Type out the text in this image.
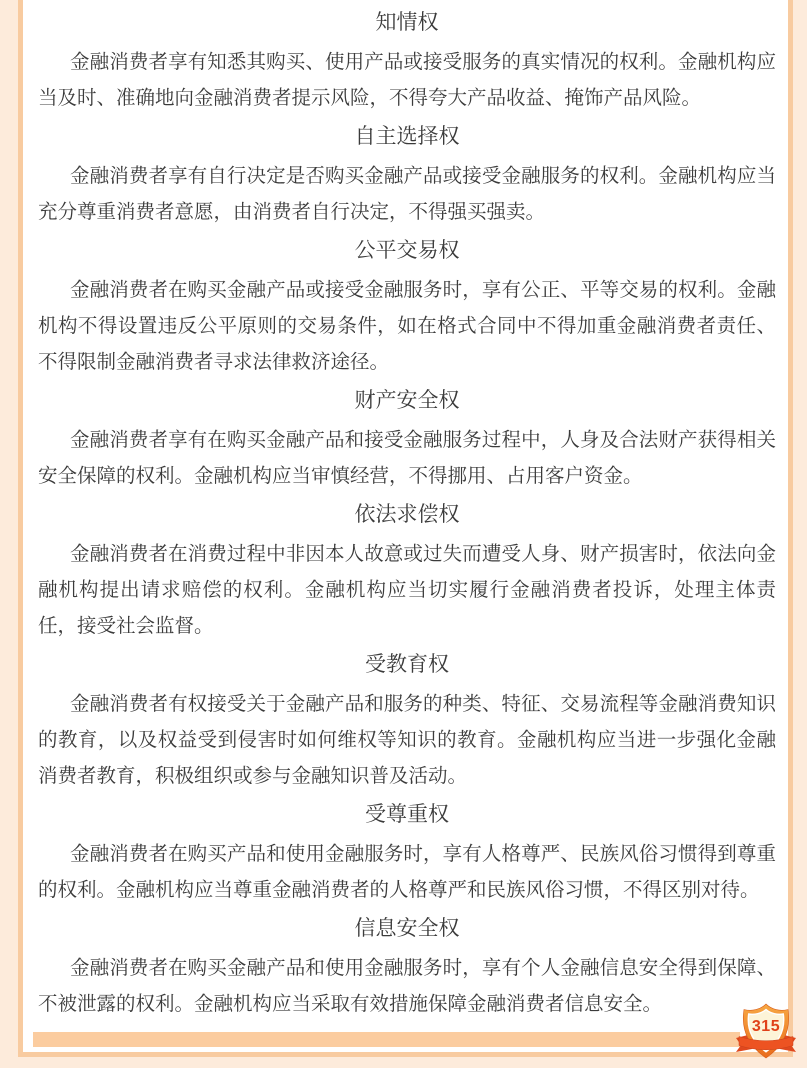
知情权

金融消费者享有知悉其购买、使用产品或接受服务的真实情况的权利。金融机构应当及时、准确地向金融消费者提示风险，不得夸大产品收益、掩饰产品风险。

自主选择权

金融消费者享有自行决定是否购买金融产品或接受金融服务的权利。金融机构应当充分尊重消费者意愿，由消费者自行决定，不得强买强卖。

公平交易权

金融消费者在购买金融产品或接受金融服务时，享有公正、平等交易的权利。金融机构不得设置违反公平原则的交易条件，如在格式合同中不得加重金融消费者责任、不得限制金融消费者寻求法律救济途径。

财产安全权

金融消费者享有在购买金融产品和接受金融服务过程中，人身及合法财产获得相关安全保障的权利。金融机构应当审慎经营，不得挪用、占用客户资金。

依法求偿权

金融消费者在消费过程中非因本人故意或过失而遭受人身、财产损害时，依法向金融机构提出请求赔偿的权利。金融机构应当切实履行金融消费者投诉，处理主体责任，接受社会监督。

受教育权

金融消费者有权接受关于金融产品和服务的种类、特征、交易流程等金融消费知识的教育，以及权益受到侵害时如何维权等知识的教育。金融机构应当进一步强化金融消费者教育，积极组织或参与金融知识普及活动。

受尊重权

金融消费者在购买产品和使用金融服务时，享有人格尊严、民族风俗习惯得到尊重的权利。金融机构应当尊重金融消费者的人格尊严和民族风俗习惯，不得区别对待。

信息安全权

金融消费者在购买金融产品和使用金融服务时，享有个人金融信息安全得到保障、不被泄露的权利。金融机构应当采取有效措施保障金融消费者信息安全。

315
